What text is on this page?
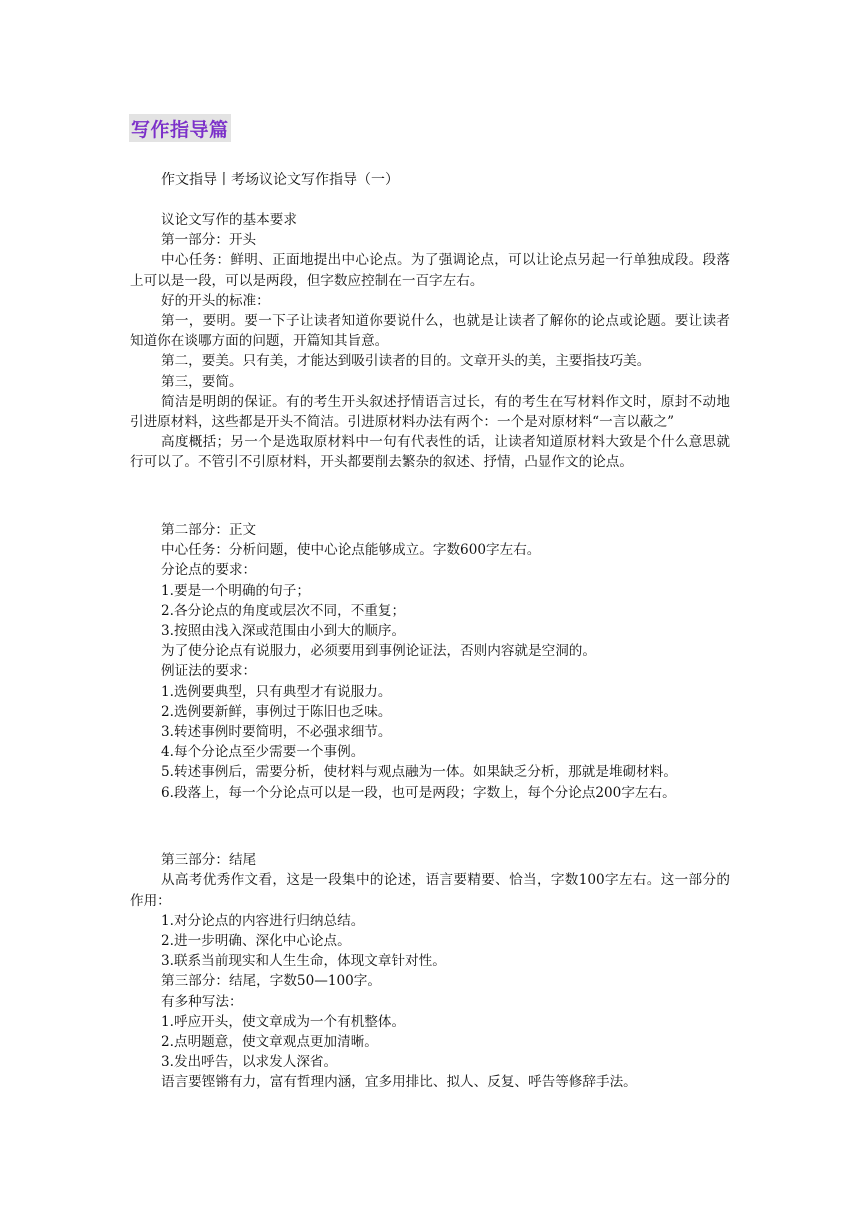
写作指导篇
作文指导丨考场议论文写作指导（一）

议论文写作的基本要求

第一部分：开头

中心任务：鲜明、正面地提出中心论点。为了强调论点，可以让论点另起一行单独成段。段落上可以是一段，可以是两段，但字数应控制在一百字左右。

好的开头的标准：

第一，要明。要一下子让读者知道你要说什么，也就是让读者了解你的论点或论题。要让读者知道你在谈哪方面的问题，开篇知其旨意。

第二，要美。只有美，才能达到吸引读者的目的。文章开头的美，主要指技巧美。

第三，要简。

简洁是明朗的保证。有的考生开头叙述抒情语言过长，有的考生在写材料作文时，原封不动地引进原材料，这些都是开头不简洁。引进原材料办法有两个：一个是对原材料“一言以蔽之”

高度概括；另一个是选取原材料中一句有代表性的话，让读者知道原材料大致是个什么意思就行可以了。不管引不引原材料，开头都要削去繁杂的叙述、抒情，凸显作文的论点。

第二部分：正文

中心任务：分析问题，使中心论点能够成立。字数600字左右。

分论点的要求：

1.要是一个明确的句子；

2.各分论点的角度或层次不同，不重复；

3.按照由浅入深或范围由小到大的顺序。

为了使分论点有说服力，必须要用到事例论证法，否则内容就是空洞的。

例证法的要求：

1.选例要典型，只有典型才有说服力。

2.选例要新鲜，事例过于陈旧也乏味。

3.转述事例时要简明，不必强求细节。

4.每个分论点至少需要一个事例。

5.转述事例后，需要分析，使材料与观点融为一体。如果缺乏分析，那就是堆砌材料。

6.段落上，每一个分论点可以是一段，也可是两段；字数上，每个分论点200字左右。

第三部分：结尾

从高考优秀作文看，这是一段集中的论述，语言要精要、恰当，字数100字左右。这一部分的作用：

1.对分论点的内容进行归纳总结。

2.进一步明确、深化中心论点。

3.联系当前现实和人生生命，体现文章针对性。

第三部分：结尾，字数50—100字。

有多种写法：

1.呼应开头，使文章成为一个有机整体。

2.点明题意，使文章观点更加清晰。

3.发出呼告，以求发人深省。

语言要铿锵有力，富有哲理内涵，宜多用排比、拟人、反复、呼告等修辞手法。
